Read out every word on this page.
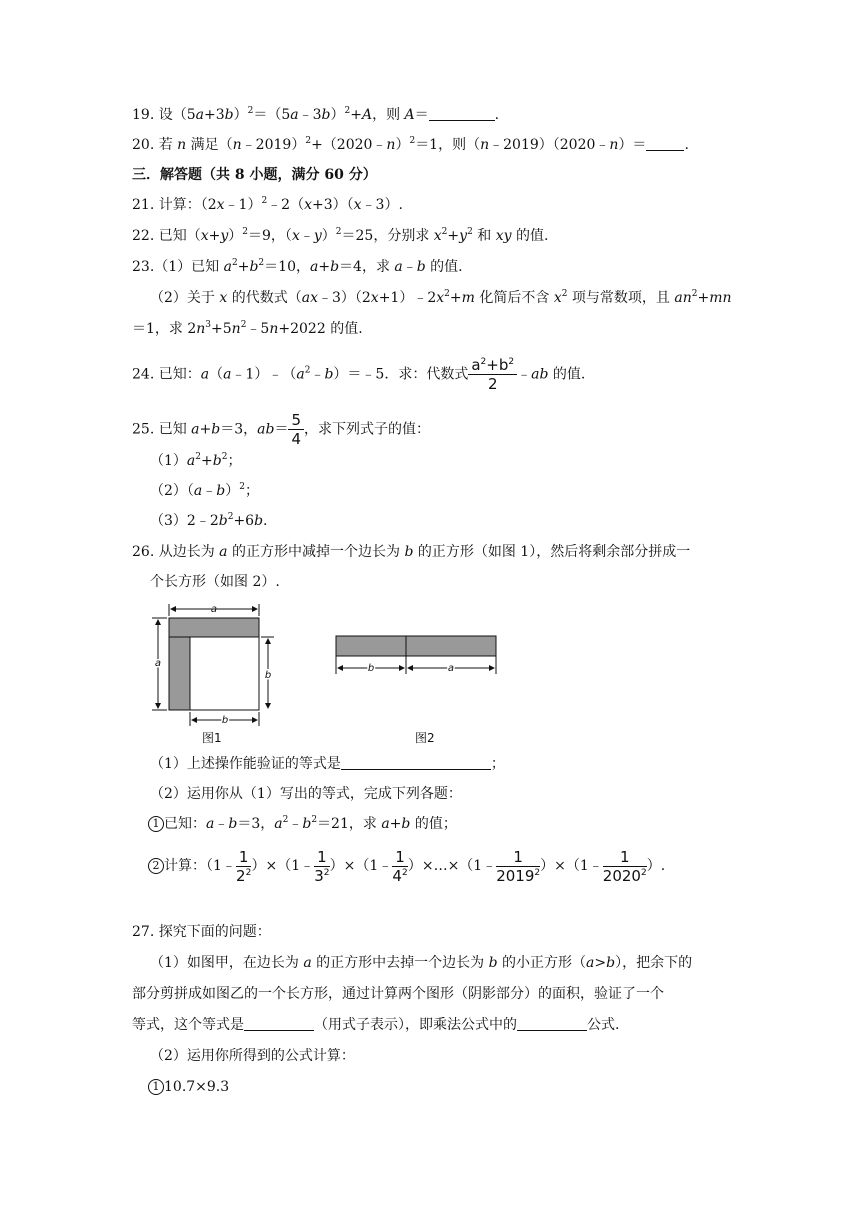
19. 设$(5a+3b)^2=(5a﹣3b)^2+A$，则 A＝	.
20. 若 n 满足（n﹣2019）$^2$+（2020﹣n）$^2$＝1，则（n﹣2019）（2020﹣n）＝	.
三．解答题（共 8 小题，满分 60 分）
21. 计算：（2x﹣1）$^2$﹣2（x+3）（x﹣3）.
22. 已知$(x+y)^2=9$，（x﹣y）$^2$＝25，分别求 $x^2+y^2$ 和 xy 的值.
23.（1）已知 $a^2+b^2=10$，a+b＝4，求 a﹣b 的值.
（2）关于 x 的代数式$(ax﹣3)(2x+1)﹣2x^2+m$ 化简后不含 $x^2$ 项与常数项，且 $an^2+mn$
＝1，求 $2n^3+5n^2﹣5n+2022$ 的值.
24. 已知：$a(a﹣1)﹣(a^2﹣b)=﹣5$．求：代数式 $\frac{a^2+b^2}{2}$ ﹣ab 的值.
25. 已知 a+b＝3，$ab= \frac{5}{4}$ ，求下列式子的值：
$(1)a^2+b^2$；
（2）（a﹣b）$^2$；
$(3)2﹣2b^2+6b$.
26. 从边长为 a 的正方形中减掉一个边长为 b 的正方形（如图 1），然后将剩余部分拼成一
个长方形（如图 2）.
a
a
b
b
图1
b	a
图2
（1）上述操作能验证的等式是	；
（2）运用你从（1）写出的等式，完成下列各题：
1 已知：a﹣b＝3，$a^2﹣b^2=21$，求 a+b 的值；
2 计算：（1﹣ $\frac{1}{2^2}$ ）×（1﹣ $\frac{1}{3^2}$ ）×（1﹣ $\frac{1}{4^2}$ ）×…×（1﹣ $\frac{1}{2019^2}$ ）×（1﹣ $\frac{1}{2020^2}$ ）.
27. 探究下面的问题：
（1）如图甲，在边长为 a 的正方形中去掉一个边长为 b 的小正方形（a>b），把余下的
部分剪拼成如图乙的一个长方形，通过计算两个图形（阴影部分）的面积，验证了一个
等式，这个等式是	（用式子表示），即乘法公式中的	公式.
（2）运用你所得到的公式计算：
1 10.7×9.3
